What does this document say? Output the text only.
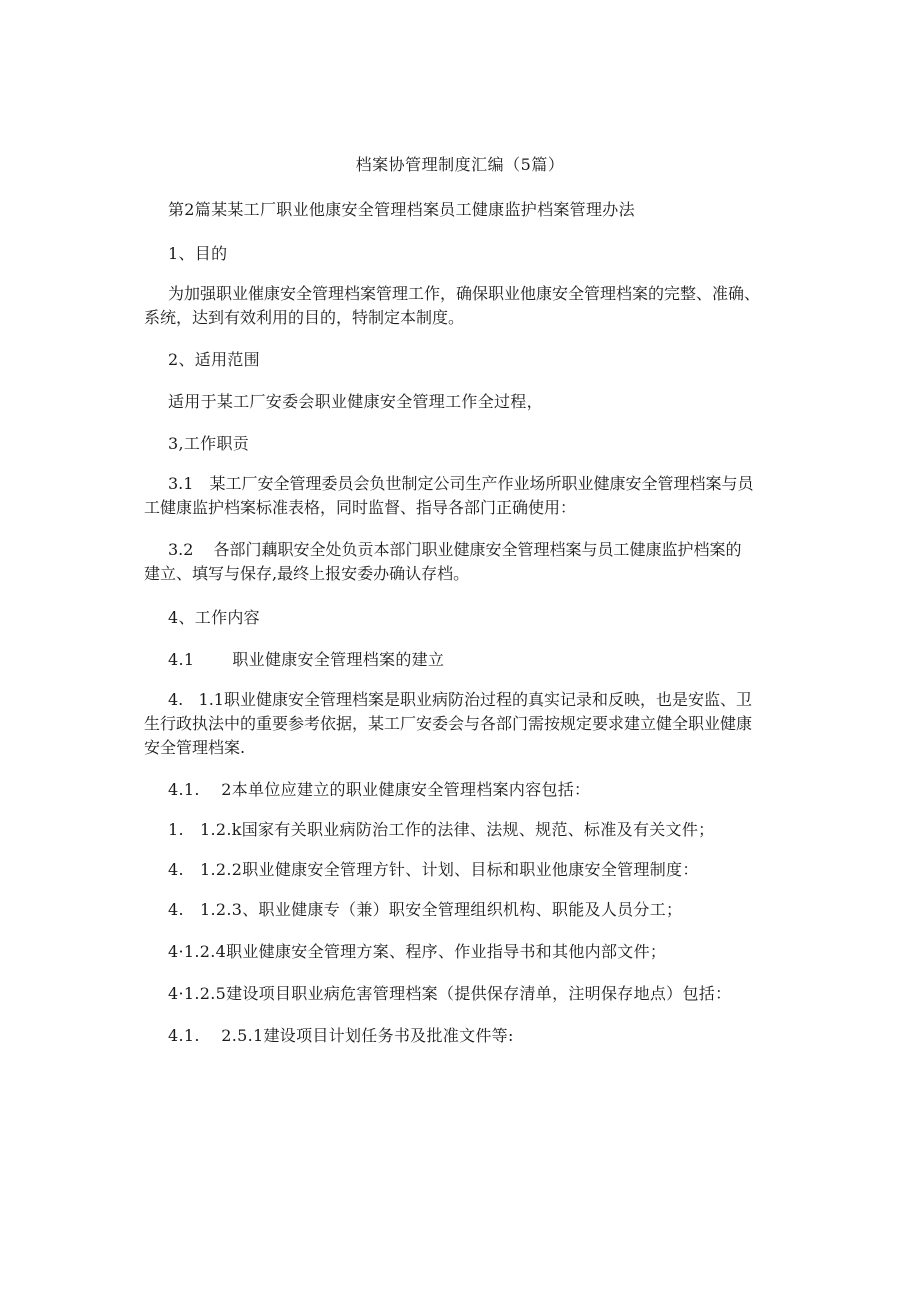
档案协管理制度汇编（5篇）
第2篇某某工厂职业他康安全管理档案员工健康监护档案管理办法
1、目的
为加强职业催康安全管理档案管理工作，确保职业他康安全管理档案的完整、准确、
系统，达到有效利用的目的，特制定本制度。
2、适用范围
适用于某工厂安委会职业健康安全管理工作全过程，
3,工作职贡
3.1 某工厂安全管理委员会负世制定公司生产作业场所职业健康安全管理档案与员
工健康监护档案标准表格，同时监督、指导各部门正确使用：
3.2 各部门藕职安全处负贡本部门职业健康安全管理档案与员工健康监护档案的
建立、填写与保存,最终上报安委办确认存档。
4、工作内容
4.1 职业健康安全管理档案的建立
4.   1.1职业健康安全管理档案是职业病防治过程的真实记录和反映，也是安监、卫
生行政执法中的重要参考依据，某工厂安委会与各部门需按规定要求建立健全职业健康
安全管理档案.
4.1.    2本单位应建立的职业健康安全管理档案内容包括：
1.   1.2.k国家有关职业病防治工作的法律、法规、规范、标准及有关文件；
4.   1.2.2职业健康安全管理方针、计划、目标和职业他康安全管理制度：
4.   1.2.3、职业健康专（兼）职安全管理组织机构、职能及人员分工；
4·1.2.4职业健康安全管理方案、程序、作业指导书和其他内部文件；
4·1.2.5建设项目职业病危害管理档案（提供保存清单，注明保存地点）包括：
4.1.    2.5.1建设项目计划任务书及批准文件等:
